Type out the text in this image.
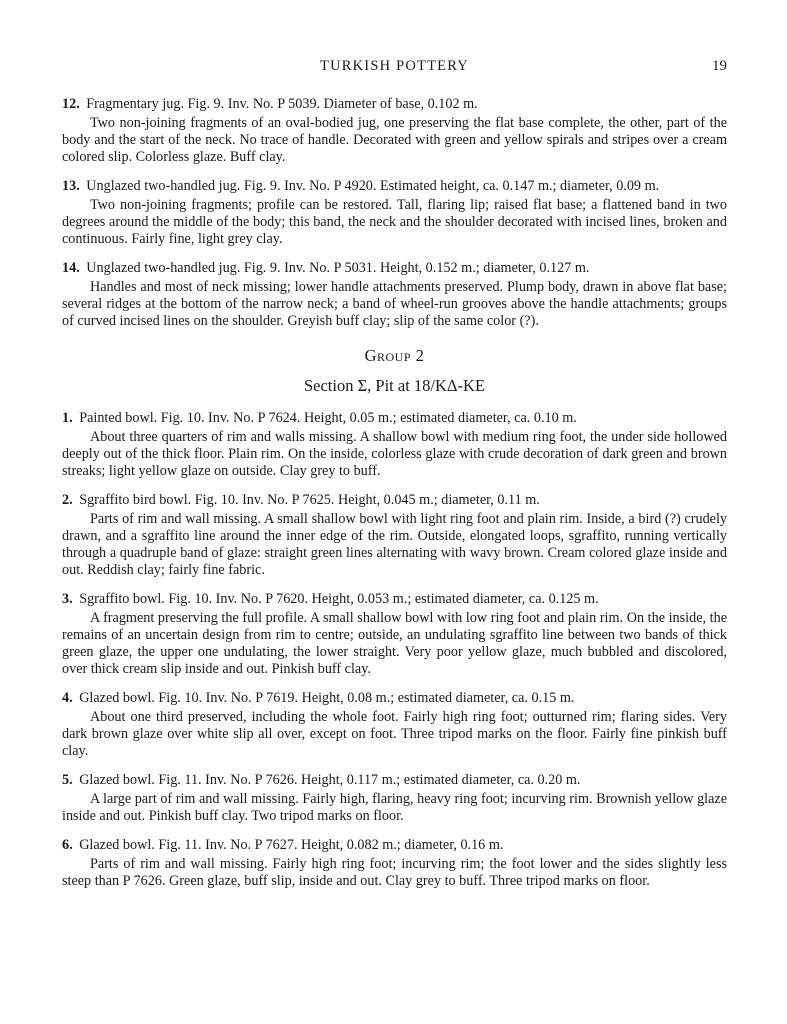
TURKISH POTTERY	19
12. Fragmentary jug. Fig. 9. Inv. No. P 5039. Diameter of base, 0.102 m.
Two non-joining fragments of an oval-bodied jug, one preserving the flat base complete, the other, part of the body and the start of the neck. No trace of handle. Decorated with green and yellow spirals and stripes over a cream colored slip. Colorless glaze. Buff clay.
13. Unglazed two-handled jug. Fig. 9. Inv. No. P 4920. Estimated height, ca. 0.147 m.; diameter, 0.09 m.
Two non-joining fragments; profile can be restored. Tall, flaring lip; raised flat base; a flattened band in two degrees around the middle of the body; this band, the neck and the shoulder decorated with incised lines, broken and continuous. Fairly fine, light grey clay.
14. Unglazed two-handled jug. Fig. 9. Inv. No. P 5031. Height, 0.152 m.; diameter, 0.127 m.
Handles and most of neck missing; lower handle attachments preserved. Plump body, drawn in above flat base; several ridges at the bottom of the narrow neck; a band of wheel-run grooves above the handle attachments; groups of curved incised lines on the shoulder. Greyish buff clay; slip of the same color (?).
Group 2
Section Σ, Pit at 18/ΚΔ-ΚΕ
1. Painted bowl. Fig. 10. Inv. No. P 7624. Height, 0.05 m.; estimated diameter, ca. 0.10 m.
About three quarters of rim and walls missing. A shallow bowl with medium ring foot, the under side hollowed deeply out of the thick floor. Plain rim. On the inside, colorless glaze with crude decoration of dark green and brown streaks; light yellow glaze on outside. Clay grey to buff.
2. Sgraffito bird bowl. Fig. 10. Inv. No. P 7625. Height, 0.045 m.; diameter, 0.11 m.
Parts of rim and wall missing. A small shallow bowl with light ring foot and plain rim. Inside, a bird (?) crudely drawn, and a sgraffito line around the inner edge of the rim. Outside, elongated loops, sgraffito, running vertically through a quadruple band of glaze: straight green lines alternating with wavy brown. Cream colored glaze inside and out. Reddish clay; fairly fine fabric.
3. Sgraffito bowl. Fig. 10. Inv. No. P 7620. Height, 0.053 m.; estimated diameter, ca. 0.125 m.
A fragment preserving the full profile. A small shallow bowl with low ring foot and plain rim. On the inside, the remains of an uncertain design from rim to centre; outside, an undulating sgraffito line between two bands of thick green glaze, the upper one undulating, the lower straight. Very poor yellow glaze, much bubbled and discolored, over thick cream slip inside and out. Pinkish buff clay.
4. Glazed bowl. Fig. 10. Inv. No. P 7619. Height, 0.08 m.; estimated diameter, ca. 0.15 m.
About one third preserved, including the whole foot. Fairly high ring foot; outturned rim; flaring sides. Very dark brown glaze over white slip all over, except on foot. Three tripod marks on the floor. Fairly fine pinkish buff clay.
5. Glazed bowl. Fig. 11. Inv. No. P 7626. Height, 0.117 m.; estimated diameter, ca. 0.20 m.
A large part of rim and wall missing. Fairly high, flaring, heavy ring foot; incurving rim. Brownish yellow glaze inside and out. Pinkish buff clay. Two tripod marks on floor.
6. Glazed bowl. Fig. 11. Inv. No. P 7627. Height, 0.082 m.; diameter, 0.16 m.
Parts of rim and wall missing. Fairly high ring foot; incurving rim; the foot lower and the sides slightly less steep than P 7626. Green glaze, buff slip, inside and out. Clay grey to buff. Three tripod marks on floor.
